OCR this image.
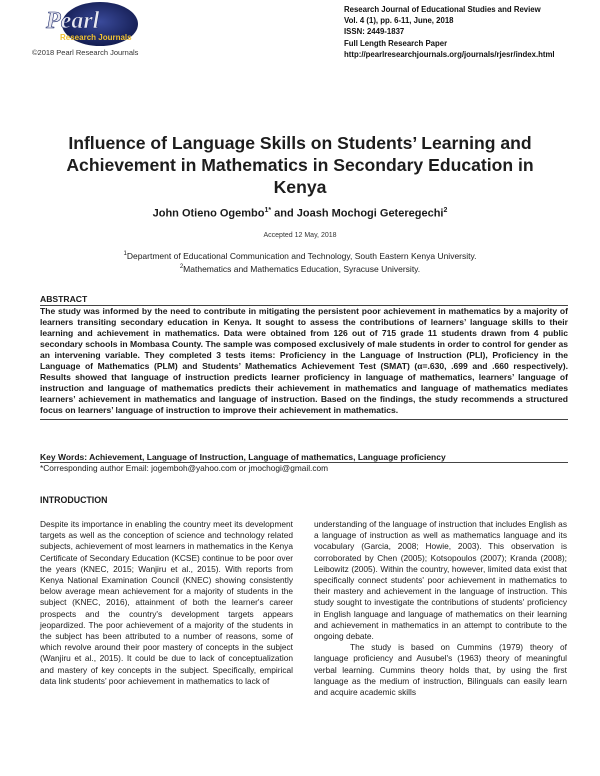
Pearl
Research Journals
©2018 Pearl Research Journals
Research Journal of Educational Studies and Review
Vol. 4 (1), pp. 6-11, June, 2018
ISSN: 2449-1837
Full Length Research Paper
http://pearlresearchjournals.org/journals/rjesr/index.html
Influence of Language Skills on Students’ Learning and Achievement in Mathematics in Secondary Education in Kenya
John Otieno Ogembo$^{1*}$ and Joash Mochogi Geteregechi$^2$
Accepted 12 May, 2018
$^1$Department of Educational Communication and Technology, South Eastern Kenya University.
$^2$Mathematics and Mathematics Education, Syracuse University.
ABSTRACT
The study was informed by the need to contribute in mitigating the persistent poor achievement in mathematics by a majority of learners transiting secondary education in Kenya. It sought to assess the contributions of learners’ language skills to their learning and achievement in mathematics. Data were obtained from 126 out of 715 grade 11 students drawn from 4 public secondary schools in Mombasa County. The sample was composed exclusively of male students in order to control for gender as an intervening variable. They completed 3 tests items: Proficiency in the Language of Instruction (PLI), Proficiency in the Language of Mathematics (PLM) and Students’ Mathematics Achievement Test (SMAT) (α=.630, .699 and .660 respectively). Results showed that language of instruction predicts learner proficiency in language of mathematics, learners’ language of instruction and language of mathematics predicts their achievement in mathematics and language of mathematics mediates learners’ achievement in mathematics and language of instruction. Based on the findings, the study recommends a structured focus on learners’ language of instruction to improve their achievement in mathematics.
Key Words: Achievement, Language of Instruction, Language of mathematics, Language proficiency
*Corresponding author Email: jogemboh@yahoo.com or jmochogi@gmail.com
INTRODUCTION

Despite its importance in enabling the country meet its development targets as well as the conception of science and technology related subjects, achievement of most learners in mathematics in the Kenya Certificate of Secondary Education (KCSE) continue to be poor over the years (KNEC, 2015; Wanjiru et al., 2015). With reports from Kenya National Examination Council (KNEC) showing consistently below average mean achievement for a majority of students in the subject (KNEC, 2016), attainment of both the learner's career prospects and the country's development targets appears jeopardized. The poor achievement of a majority of the students in the subject has been attributed to a number of reasons, some of which revolve around their poor mastery of concepts in the subject (Wanjiru et al., 2015). It could be due to lack of conceptualization and mastery of key concepts in the subject. Specifically, empirical data link students’ poor achievement in mathematics to lack of

understanding of the language of instruction that includes English as a language of instruction as well as mathematics language and its vocabulary (Garcia, 2008; Howie, 2003). This observation is corroborated by Chen (2005); Kotsopoulos (2007); Kranda (2008); Leibowitz (2005). Within the country, however, limited data exist that specifically connect students' poor achievement in mathematics to their mastery and achievement in the language of instruction. This study sought to investigate the contributions of students' proficiency in English language and language of mathematics on their learning and achievement in mathematics in an attempt to contribute to the ongoing debate.

The study is based on Cummins (1979) theory of language proficiency and Ausubel's (1963) theory of meaningful verbal learning. Cummins theory holds that, by using the first language as the medium of instruction, Bilinguals can easily learn and acquire academic skills
